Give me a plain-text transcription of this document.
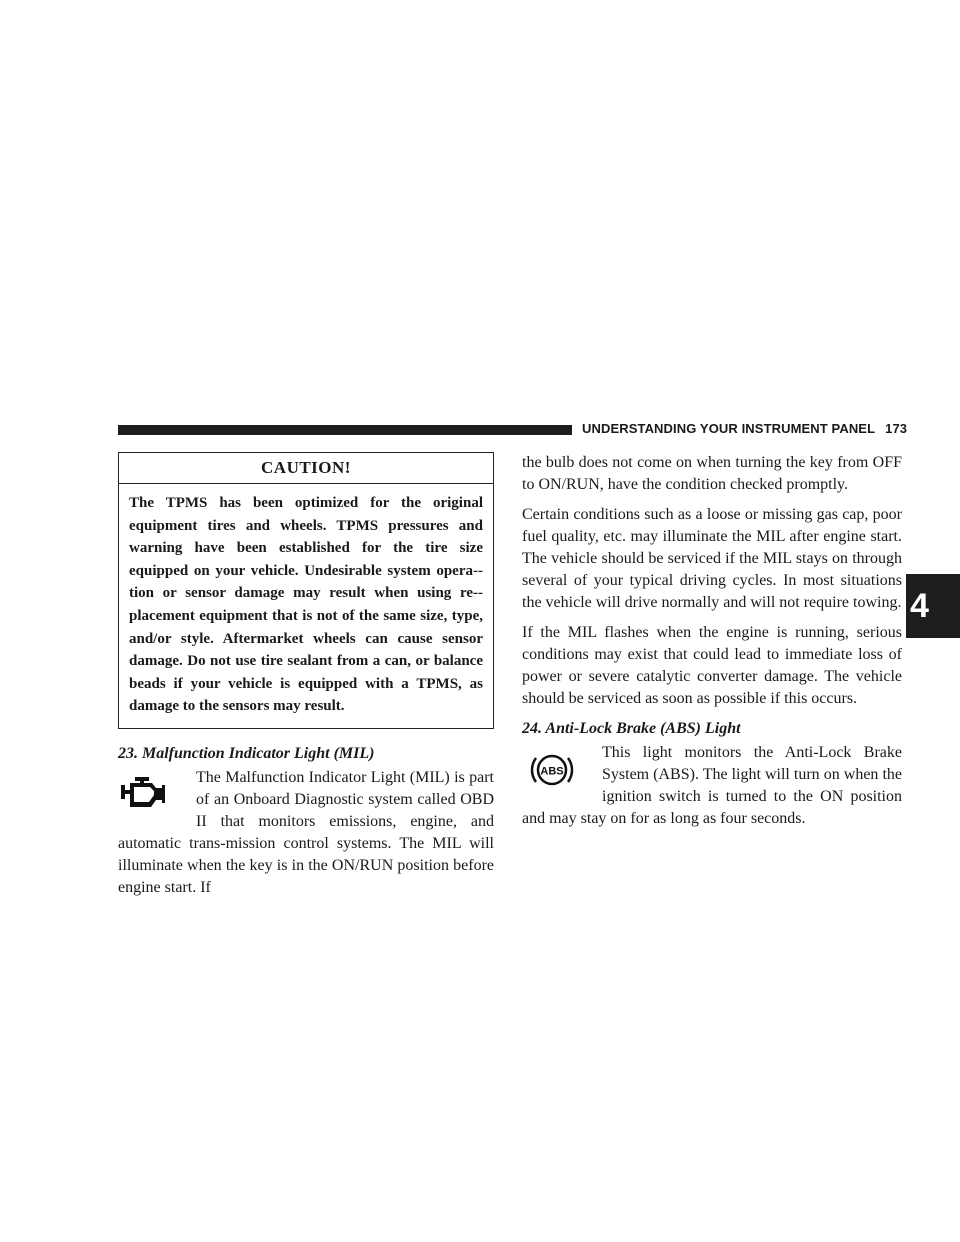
UNDERSTANDING YOUR INSTRUMENT PANEL 173
4
CAUTION!
The TPMS has been optimized for the original equipment tires and wheels. TPMS pressures and warning have been established for the tire size equipped on your vehicle. Undesirable system opera-tion or sensor damage may result when using re-placement equipment that is not of the same size, type, and/or style. Aftermarket wheels can cause sensor damage. Do not use tire sealant from a can, or balance beads if your vehicle is equipped with a TPMS, as damage to the sensors may result.
23. Malfunction Indicator Light (MIL)

The Malfunction Indicator Light (MIL) is part of an Onboard Diagnostic system called OBD II that monitors emissions, engine, and automatic trans-mission control systems. The MIL will illuminate when the key is in the ON/RUN position before engine start. If

the bulb does not come on when turning the key from OFF to ON/RUN, have the condition checked promptly.

Certain conditions such as a loose or missing gas cap, poor fuel quality, etc. may illuminate the MIL after engine start. The vehicle should be serviced if the MIL stays on through several of your typical driving cycles. In most situations the vehicle will drive normally and will not require towing.

If the MIL flashes when the engine is running, serious conditions may exist that could lead to immediate loss of power or severe catalytic converter damage. The vehicle should be serviced as soon as possible if this occurs.

24. Anti-Lock Brake (ABS) Light
ABS

This light monitors the Anti-Lock Brake System (ABS). The light will turn on when the ignition switch is turned to the ON position and may stay on for as long as four seconds.
